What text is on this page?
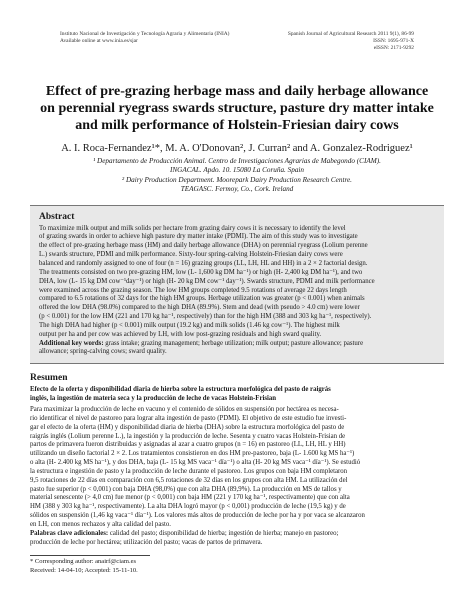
Instituto Nacional de Investigación y Tecnología Agraria y Alimentaria (INIA)
Available online at www.inia.es/sjar
Spanish Journal of Agricultural Research 2011 9(1), 86-99
ISSN: 1695-971-X
eISSN: 2171-9292
Effect of pre-grazing herbage mass and daily herbage allowance
on perennial ryegrass swards structure, pasture dry matter intake
and milk performance of Holstein-Friesian dairy cows
A. I. Roca-Fernandez¹*, M. A. O'Donovan², J. Curran² and A. Gonzalez-Rodriguez¹
¹ Departamento de Producción Animal. Centro de Investigaciones Agrarias de Mabegondo (CIAM).
INGACAL. Apdo. 10. 15080 La Coruña. Spain
² Dairy Production Department. Moorepark Dairy Production Research Centre.
TEAGASC. Fermoy, Co., Cork. Ireland
Abstract
To maximize milk output and milk solids per hectare from grazing dairy cows it is necessary to identify the level
of grazing swards in order to achieve high pasture dry matter intake (PDMI). The aim of this study was to investigate
the effect of pre-grazing herbage mass (HM) and daily herbage allowance (DHA) on perennial ryegrass (Lolium perenne
L.) swards structure, PDMI and milk performance. Sixty-four spring-calving Holstein-Friesian dairy cows were
balanced and randomly assigned to one of four (n = 16) grazing groups (LL, LH, HL and HH) in a 2 × 2 factorial design.
The treatments consisted on two pre-grazing HM, low (L- 1,600 kg DM ha⁻¹) or high (H- 2,400 kg DM ha⁻¹), and two
DHA, low (L- 15 kg DM cow⁻¹day⁻¹) or high (H- 20 kg DM cow⁻¹ day⁻¹). Swards structure, PDMI and milk performance
were examined across the grazing season. The low HM groups completed 9.5 rotations of average 22 days length
compared to 6.5 rotations of 32 days for the high HM groups. Herbage utilization was greater (p < 0.001) when animals
offered the low DHA (98.0%) compared to the high DHA (89.9%). Stem and dead (with pseudo > 4.0 cm) were lower
(p < 0.001) for the low HM (221 and 170 kg ha⁻¹, respectively) than for the high HM (388 and 303 kg ha⁻¹, respectively).
The high DHA had higher (p < 0.001) milk output (19.2 kg) and milk solids (1.46 kg cow⁻¹). The highest milk
output per ha and per cow was achieved by LH, with low post-grazing residuals and high sward quality.
Additional key words: grass intake; grazing management; herbage utilization; milk output; pasture allowance; pasture
allowance; spring-calving cows; sward quality.
Resumen
Efecto de la oferta y disponibilidad diaria de hierba sobre la estructura morfológica del pasto de raigrás
inglés, la ingestión de materia seca y la producción de leche de vacas Holstein-Frisian
Para maximizar la producción de leche en vacuno y el contenido de sólidos en suspensión por hectárea es necesa-
rio identificar el nivel de pastoreo para lograr alta ingestión de pasto (PDMI). El objetivo de este estudio fue investi-
gar el efecto de la oferta (HM) y disponibilidad diaria de hierba (DHA) sobre la estructura morfológica del pasto de
raigrás inglés (Lolium perenne L.), la ingestión y la producción de leche. Sesenta y cuatro vacas Holstein-Frisian de
partos de primavera fueron distribuidas y asignadas al azar a cuatro grupos (n = 16) en pastoreo (LL, LH, HL y HH)
utilizando un diseño factorial 2 × 2. Los tratamientos consistieron en dos HM pre-pastoreo, baja (L- 1.600 kg MS ha⁻¹)
o alta (H- 2.400 kg MS ha⁻¹), y dos DHA, baja (L- 15 kg MS vaca⁻¹ día⁻¹) o alta (H- 20 kg MS vaca⁻¹ día⁻¹). Se estudió
la estructura e ingestión de pasto y la producción de leche durante el pastoreo. Los grupos con baja HM completaron
9,5 rotaciones de 22 días en comparación con 6,5 rotaciones de 32 días en los grupos con alta HM. La utilización del
pasto fue superior (p < 0,001) con baja DHA (98,0%) que con alta DHA (89,9%). La producción en MS de tallos y
material senescente (> 4,0 cm) fue menor (p < 0,001) con baja HM (221 y 170 kg ha⁻¹, respectivamente) que con alta
HM (388 y 303 kg ha⁻¹, respectivamente). La alta DHA logró mayor (p < 0,001) producción de leche (19,5 kg) y de
sólidos en suspensión (1,46 kg vaca⁻¹ día⁻¹). Los valores más altos de producción de leche por ha y por vaca se alcanzaron
en LH, con menos rechazos y alta calidad del pasto.
Palabras clave adicionales: calidad del pasto; disponibilidad de hierba; ingestión de hierba; manejo en pastoreo;
producción de leche por hectárea; utilización del pasto; vacas de partos de primavera.
* Corresponding author: anairf@ciam.es
Received: 14-04-10; Accepted: 15-11-10.
